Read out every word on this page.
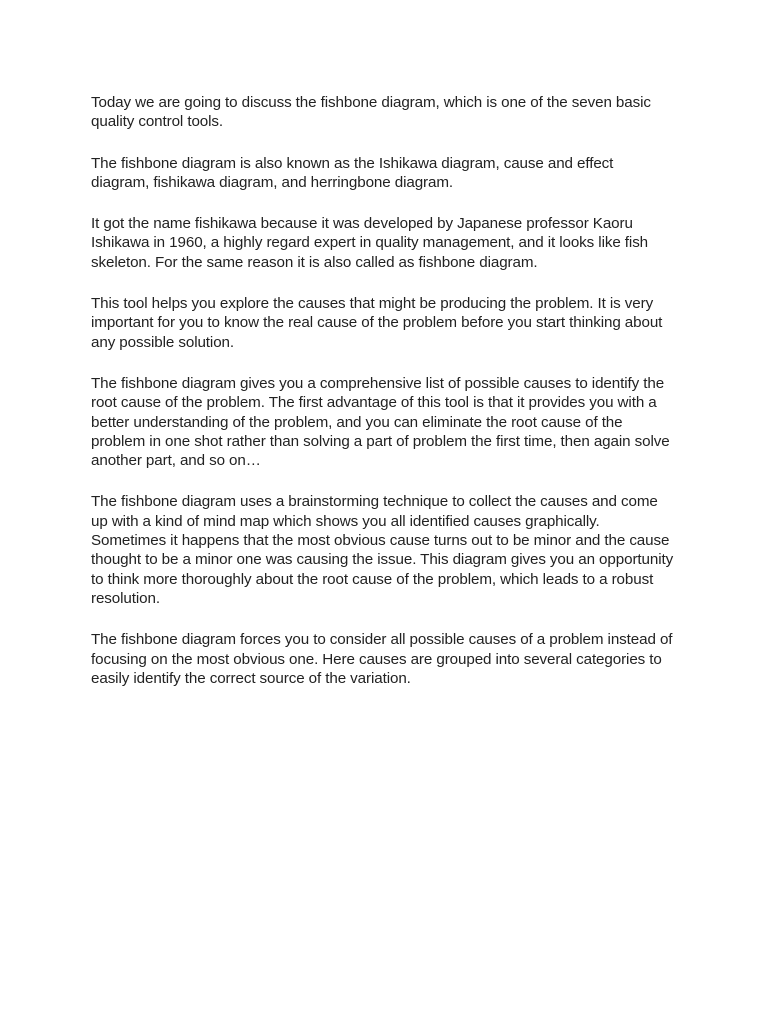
Today we are going to discuss the fishbone diagram, which is one of the seven basic quality control tools.

The fishbone diagram is also known as the Ishikawa diagram, cause and effect diagram, fishikawa diagram, and herringbone diagram.

It got the name fishikawa because it was developed by Japanese professor Kaoru Ishikawa in 1960, a highly regard expert in quality management, and it looks like fish skeleton. For the same reason it is also called as fishbone diagram.

This tool helps you explore the causes that might be producing the problem. It is very important for you to know the real cause of the problem before you start thinking about any possible solution.

The fishbone diagram gives you a comprehensive list of possible causes to identify the root cause of the problem. The first advantage of this tool is that it provides you with a better understanding of the problem, and you can eliminate the root cause of the problem in one shot rather than solving a part of problem the first time, then again solve another part, and so on…

The fishbone diagram uses a brainstorming technique to collect the causes and come up with a kind of mind map which shows you all identified causes graphically. Sometimes it happens that the most obvious cause turns out to be minor and the cause thought to be a minor one was causing the issue. This diagram gives you an opportunity to think more thoroughly about the root cause of the problem, which leads to a robust resolution.

The fishbone diagram forces you to consider all possible causes of a problem instead of focusing on the most obvious one. Here causes are grouped into several categories to easily identify the correct source of the variation.
